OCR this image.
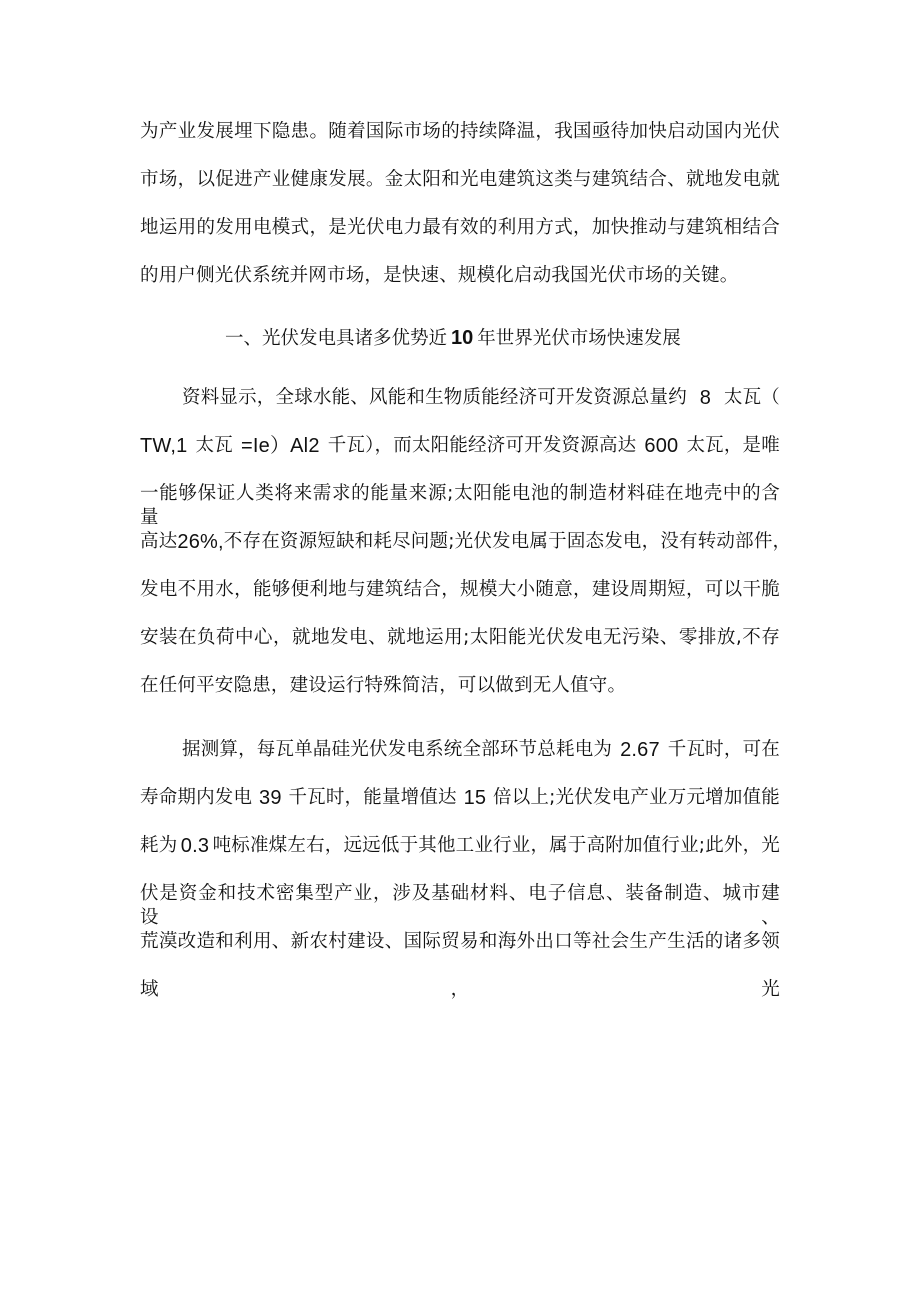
为产业发展埋下隐患。随着国际市场的持续降温，我国亟待加快启动国内光伏
市场，以促进产业健康发展。金太阳和光电建筑这类与建筑结合、就地发电就
地运用的发用电模式，是光伏电力最有效的利用方式，加快推动与建筑相结合
的用户侧光伏系统并网市场，是快速、规模化启动我国光伏市场的关键。
一、光伏发电具诸多优势近 10 年世界光伏市场快速发展
资料显示，全球水能、风能和生物质能经济可开发资源总量约 8 太瓦（
TW,1 太瓦 =Ie）Al2 千瓦），而太阳能经济可开发资源高达 600 太瓦，是唯
一能够保证人类将来需求的能量来源;太阳能电池的制造材料硅在地壳中的含量
高达 26%, 不存在资源短缺和耗尽问题;光伏发电属于固态发电，没有转动部件，
发电不用水，能够便利地与建筑结合，规模大小随意，建设周期短，可以干脆
安装在负荷中心，就地发电、就地运用;太阳能光伏发电无污染、零排放,不存
在任何平安隐患，建设运行特殊简洁，可以做到无人值守。
据测算，每瓦单晶硅光伏发电系统全部环节总耗电为 2.67 千瓦时，可在
寿命期内发电 39 千瓦时，能量增值达 15 倍以上;光伏发电产业万元增加值能
耗为 0.3 吨标准煤左右，远远低于其他工业行业，属于高附加值行业;此外，光
伏是资金和技术密集型产业，涉及基础材料、电子信息、装备制造、城市建设、
荒漠改造和利用、新农村建设、国际贸易和海外出口等社会生产生活的诸多领
域	，	光
